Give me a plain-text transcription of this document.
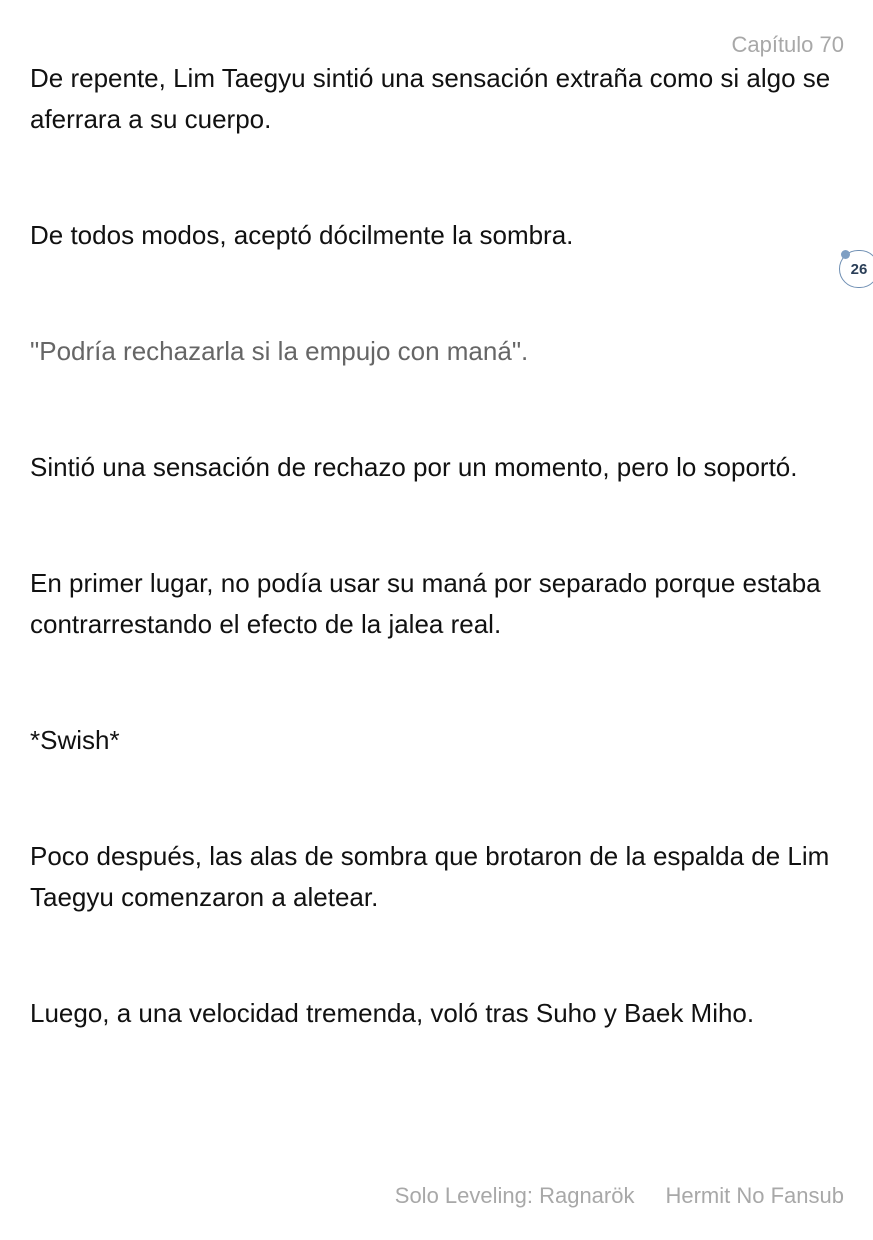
Capítulo 70

De repente, Lim Taegyu sintió una sensación extraña como si algo se aferrara a su cuerpo.

De todos modos, aceptó dócilmente la sombra.

"Podría rechazarla si la empujo con maná".

Sintió una sensación de rechazo por un momento, pero lo soportó.

En primer lugar, no podía usar su maná por separado porque estaba contrarrestando el efecto de la jalea real.

*Swish*

Poco después, las alas de sombra que brotaron de la espalda de Lim Taegyu comenzaron a aletear.

Luego, a una velocidad tremenda, voló tras Suho y Baek Miho.

26
Solo Leveling: Ragnarök Hermit No Fansub
